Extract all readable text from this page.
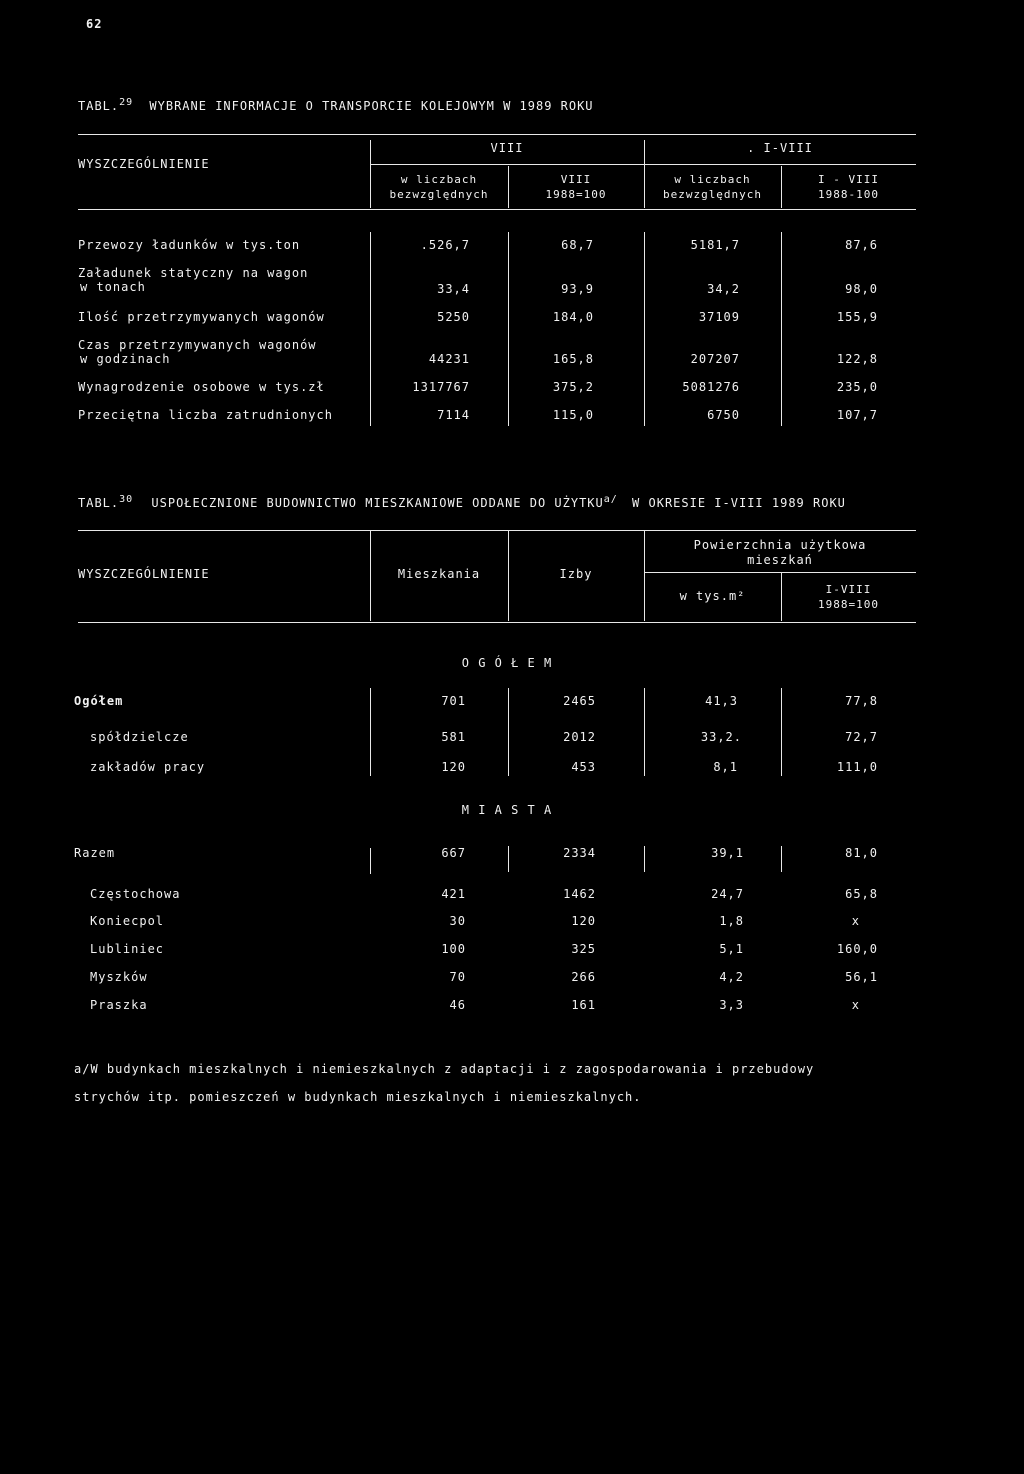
62
TABL.$^{29}$ WYBRANE INFORMACJE O TRANSPORCIE KOLEJOWYM W 1989 ROKU
WYSZCZEGÓLNIENIE
VIII	. I-VIII
w liczbach
bezwzględnych
VIII
1988=100
w liczbach
bezwzględnych
I - VIII
1988-100
Przewozy ładunków w tys.ton	.526,7	68,7	5181,7	87,6
Załadunek statyczny na wagon
w tonach	33,4	93,9	34,2	98,0
Ilość przetrzymywanych wagonów	5250	184,0	37109	155,9
Czas przetrzymywanych wagonów
w godzinach	44231	165,8	207207	122,8
Wynagrodzenie osobowe w tys.zł	1317767	375,2	5081276	235,0
Przeciętna liczba zatrudnionych	7114	115,0	6750	107,7
TABL.$^{30}$ USPOŁECZNIONE BUDOWNICTWO MIESZKANIOWE ODDANE DO $UŻYTKU^{a/}$ W OKRESIE I-VIII 1989 ROKU
WYSZCZEGÓLNIENIE	Mieszkania	Izby
Powierzchnia użytkowa
mieszkań
w tys.m²	I-VIII
1988=100
O G Ó Ł E M
Ogółem	701	2465	41,3	77,8
spółdzielcze	581	2012	33,2.	72,7
zakładów pracy	120	453	8,1	111,0
M I A S T A
Razem	667	2334	39,1	81,0
Częstochowa	421	1462	24,7	65,8
Koniecpol	30	120	1,8	x
Lubliniec	100	325	5,1	160,0
Myszków	70	266	4,2	56,1
Praszka	46	161	3,3	x
a/W budynkach mieszkalnych i niemieszkalnych z adaptacji i z zagospodarowania i przebudowy
strychów itp. pomieszczeń w budynkach mieszkalnych i niemieszkalnych.
